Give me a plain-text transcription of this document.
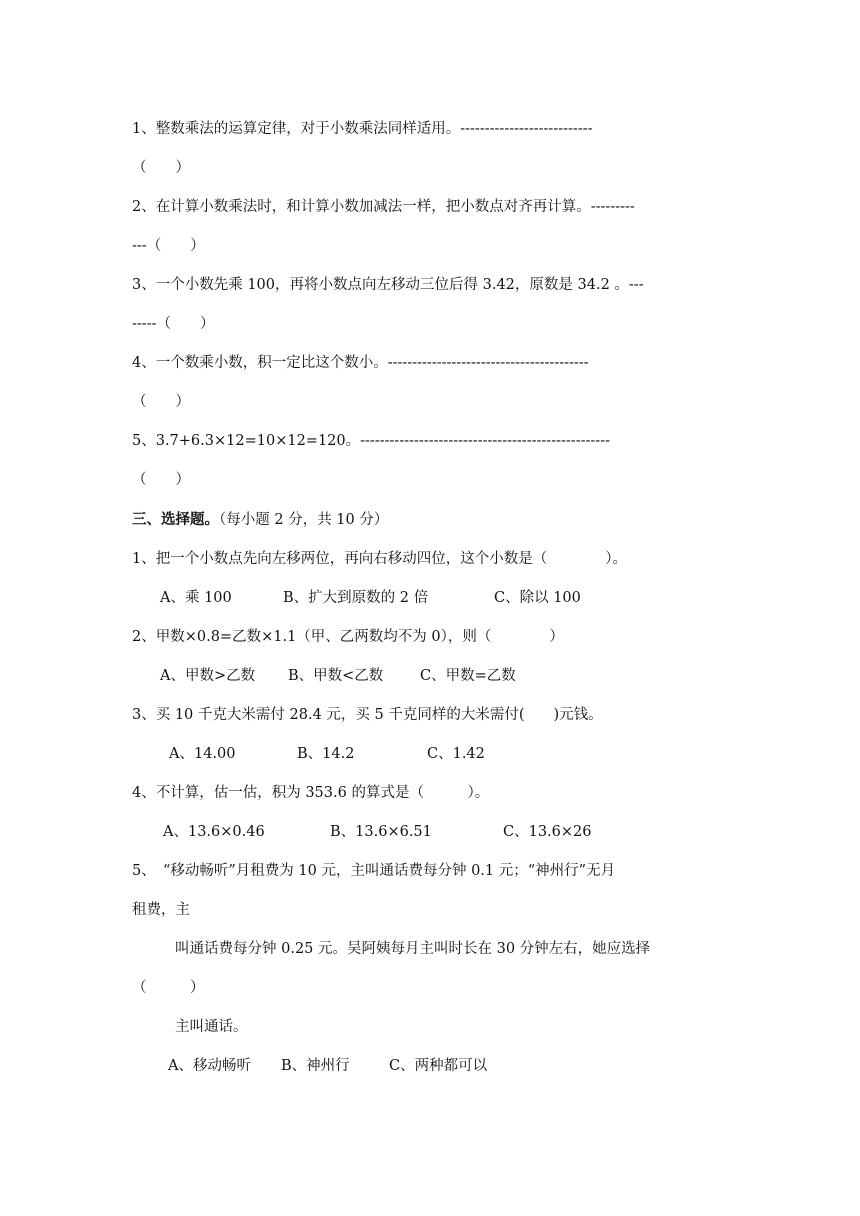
1、整数乘法的运算定律，对于小数乘法同样适用。---------------------------
（　　）
2、在计算小数乘法时，和计算小数加减法一样，把小数点对齐再计算。---------
---（　　）
3、一个小数先乘 100，再将小数点向左移动三位后得 3.42，原数是 34.2 。---
-----（　　）
4、一个数乘小数，积一定比这个数小。-----------------------------------------
（　　）
5、3.7+6.3×12=10×12=120。---------------------------------------------------
（　　）
三、选择题。（每小题 2 分，共 10 分）
1、把一个小数点先向左移两位，再向右移动四位，这个小数是（　　　　）。
A、乘 100	B、扩大到原数的 2 倍	C、除以 100
2、甲数×0.8=乙数×1.1（甲、乙两数均不为 0），则（　　　　）
A、甲数>乙数 B、甲数<乙数	C、甲数=乙数
3、买 10 千克大米需付 28.4 元，买 5 千克同样的大米需付(　　)元钱。
A、14.00	B、14.2	C、1.42
4、不计算，估一估，积为 353.6 的算式是（　　　）。
A、13.6×0.46	B、13.6×6.51	C、13.6×26
5、　“移动畅听”月租费为 10 元，主叫通话费每分钟 0.1 元；“神州行”无月
租费，主
叫通话费每分钟 0.25 元。吴阿姨每月主叫时长在 30 分钟左右，她应选择
（　　　）
主叫通话。
A、移动畅听 B、神州行	C、两种都可以
